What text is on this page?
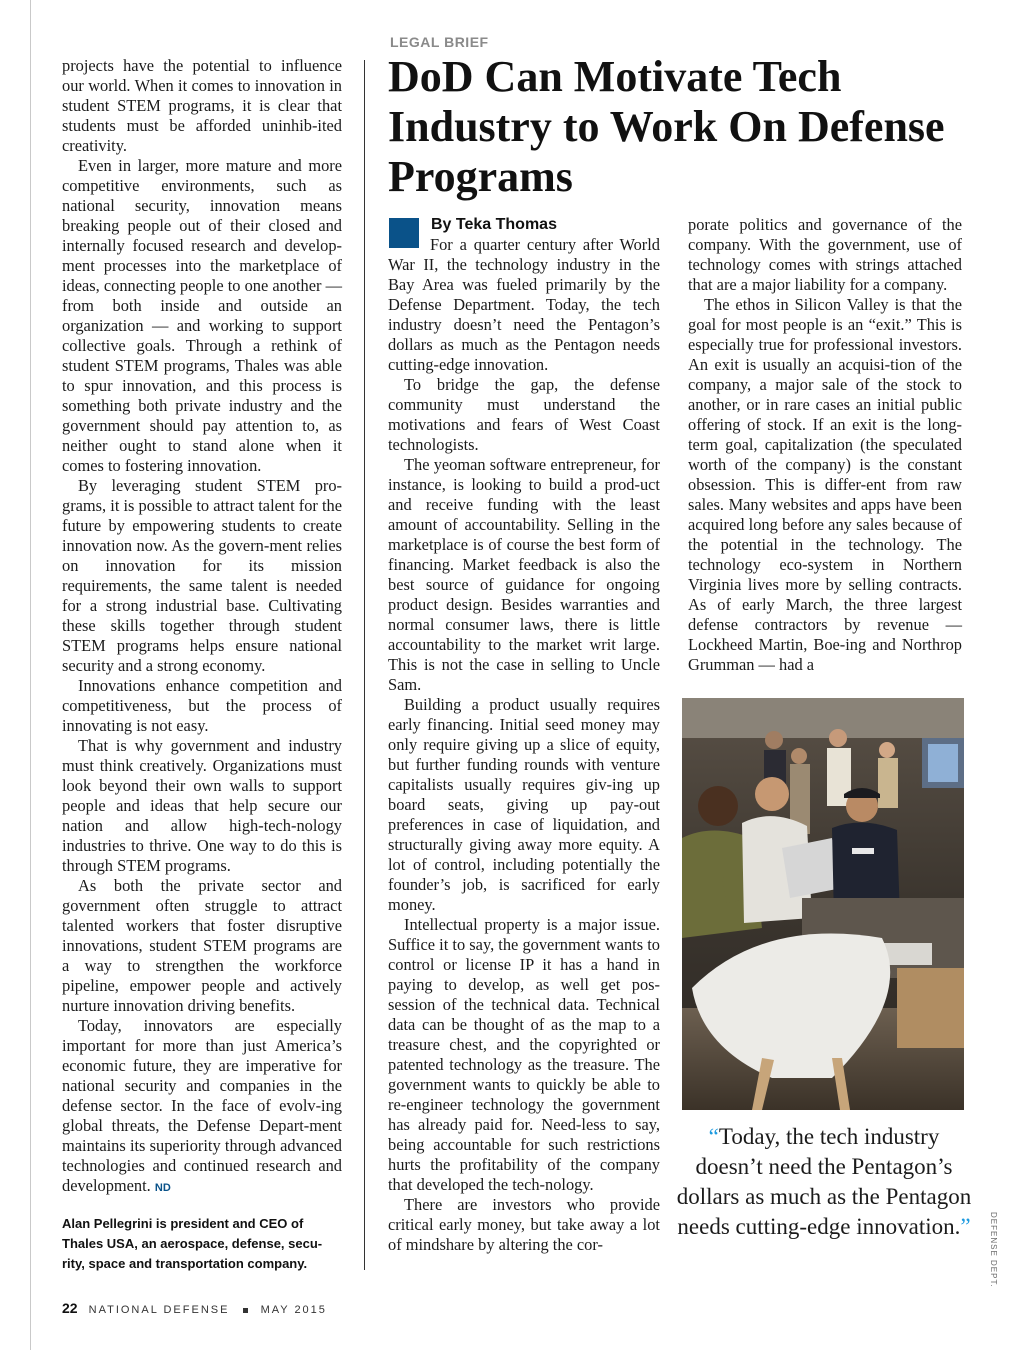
projects have the potential to influence our world. When it comes to innovation in student STEM programs, it is clear that students must be afforded uninhib-ited creativity.

Even in larger, more mature and more competitive environments, such as national security, innovation means breaking people out of their closed and internally focused research and develop-ment processes into the marketplace of ideas, connecting people to one another — from both inside and outside an organization — and working to support collective goals. Through a rethink of student STEM programs, Thales was able to spur innovation, and this process is something both private industry and the government should pay attention to, as neither ought to stand alone when it comes to fostering innovation.

By leveraging student STEM pro-grams, it is possible to attract talent for the future by empowering students to create innovation now. As the govern-ment relies on innovation for its mission requirements, the same talent is needed for a strong industrial base. Cultivating these skills together through student STEM programs helps ensure national security and a strong economy.

Innovations enhance competition and competitiveness, but the process of innovating is not easy.

That is why government and industry must think creatively. Organizations must look beyond their own walls to support people and ideas that help secure our nation and allow high-tech-nology industries to thrive. One way to do this is through STEM programs.

As both the private sector and government often struggle to attract talented workers that foster disruptive innovations, student STEM programs are a way to strengthen the workforce pipeline, empower people and actively nurture innovation driving benefits.

Today, innovators are especially important for more than just America’s economic future, they are imperative for national security and companies in the defense sector. In the face of evolv-ing global threats, the Defense Depart-ment maintains its superiority through advanced technologies and continued research and development. ND

Alan Pellegrini is president and CEO of Thales USA, an aerospace, defense, secu-rity, space and transportation company.
LEGAL BRIEF
DoD Can Motivate Tech Industry to Work On Defense Programs
By Teka Thomas

For a quarter century after World War II, the technology industry in the Bay Area was fueled primarily by the Defense Department. Today, the tech industry doesn’t need the Pentagon’s dollars as much as the Pentagon needs cutting-edge innovation.

To bridge the gap, the defense community must understand the motivations and fears of West Coast technologists.

The yeoman software entrepreneur, for instance, is looking to build a prod-uct and receive funding with the least amount of accountability. Selling in the marketplace is of course the best form of financing. Market feedback is also the best source of guidance for ongoing product design. Besides warranties and normal consumer laws, there is little accountability to the market writ large. This is not the case in selling to Uncle Sam.

Building a product usually requires early financing. Initial seed money may only require giving up a slice of equity, but further funding rounds with venture capitalists usually requires giv-ing up board seats, giving up pay-out preferences in case of liquidation, and structurally giving away more equity. A lot of control, including potentially the founder’s job, is sacrificed for early money.

Intellectual property is a major issue. Suffice it to say, the government wants to control or license IP it has a hand in paying to develop, as well get pos-session of the technical data. Technical data can be thought of as the map to a treasure chest, and the copyrighted or patented technology as the treasure. The government wants to quickly be able to re-engineer technology the government has already paid for. Need-less to say, being accountable for such restrictions hurts the profitability of the company that developed the tech-nology.

There are investors who provide critical early money, but take away a lot of mindshare by altering the cor-

porate politics and governance of the company. With the government, use of technology comes with strings attached that are a major liability for a company.

The ethos in Silicon Valley is that the goal for most people is an “exit.” This is especially true for professional investors. An exit is usually an acquisi-tion of the company, a major sale of the stock to another, or in rare cases an initial public offering of stock. If an exit is the long-term goal, capitalization (the speculated worth of the company) is the constant obsession. This is differ-ent from raw sales. Many websites and apps have been acquired long before any sales because of the potential in the technology. The technology eco-system in Northern Virginia lives more by selling contracts. As of early March, the three largest defense contractors by revenue — Lockheed Martin, Boe-ing and Northrop Grumman — had a

“Today, the tech industry doesn’t need the Pentagon’s dollars as much as the Pentagon needs cutting-edge innovation.” DEFENSE DEPT.
22 NATIONAL DEFENSE	MAY 2015
